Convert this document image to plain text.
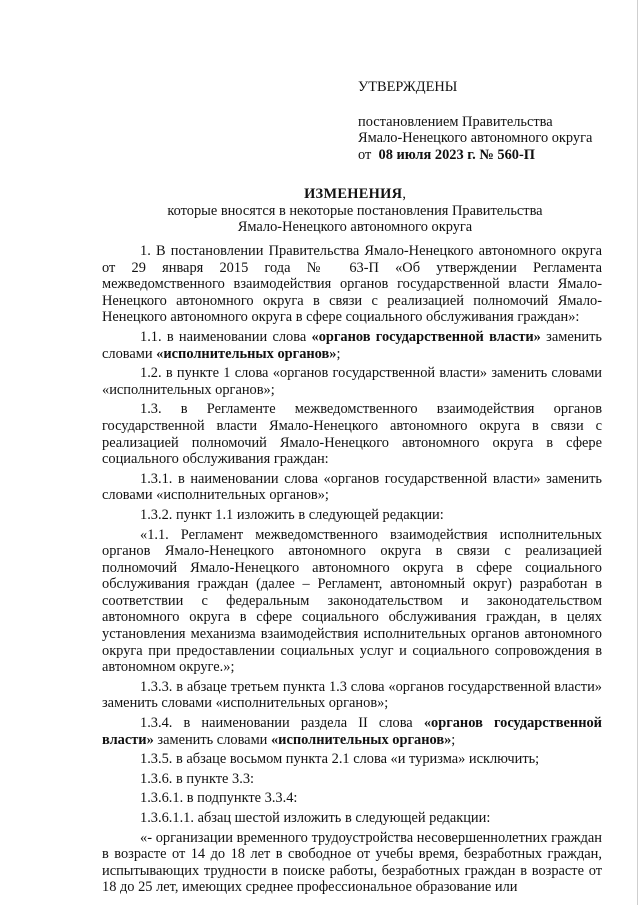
УТВЕРЖДЕНЫ

постановлением Правительства

Ямало-Ненецкого автономного округа

от 08 июля 2023 г. № 560-П

ИЗМЕНЕНИЯ,

которые вносятся в некоторые постановления Правительства

Ямало-Ненецкого автономного округа

1. В постановлении Правительства Ямало-Ненецкого автономного округа от 29 января 2015 года № 63-П «Об утверждении Регламента межведомственного взаимодействия органов государственной власти Ямало-Ненецкого автономного округа в связи с реализацией полномочий Ямало-Ненецкого автономного округа в сфере социального обслуживания граждан»:

1.1. в наименовании слова «органов государственной власти» заменить словами «исполнительных органов»;

1.2. в пункте 1 слова «органов государственной власти» заменить словами «исполнительных органов»;

1.3. в Регламенте межведомственного взаимодействия органов государственной власти Ямало-Ненецкого автономного округа в связи с реализацией полномочий Ямало-Ненецкого автономного округа в сфере социального обслуживания граждан:

1.3.1. в наименовании слова «органов государственной власти» заменить словами «исполнительных органов»;

1.3.2. пункт 1.1 изложить в следующей редакции:

«1.1. Регламент межведомственного взаимодействия исполнительных органов Ямало-Ненецкого автономного округа в связи с реализацией полномочий Ямало-Ненецкого автономного округа в сфере социального обслуживания граждан (далее – Регламент, автономный округ) разработан в соответствии с федеральным законодательством и законодательством автономного округа в сфере социального обслуживания граждан, в целях установления механизма взаимодействия исполнительных органов автономного округа при предоставлении социальных услуг и социального сопровождения в автономном округе.»;

1.3.3. в абзаце третьем пункта 1.3 слова «органов государственной власти» заменить словами «исполнительных органов»;

1.3.4. в наименовании раздела II слова «органов государственной власти» заменить словами «исполнительных органов»;

1.3.5. в абзаце восьмом пункта 2.1 слова «и туризма» исключить;

1.3.6. в пункте 3.3:

1.3.6.1. в подпункте 3.3.4:

1.3.6.1.1. абзац шестой изложить в следующей редакции:

«- организации временного трудоустройства несовершеннолетних граждан в возрасте от 14 до 18 лет в свободное от учебы время, безработных граждан, испытывающих трудности в поиске работы, безработных граждан в возрасте от 18 до 25 лет, имеющих среднее профессиональное образование или
